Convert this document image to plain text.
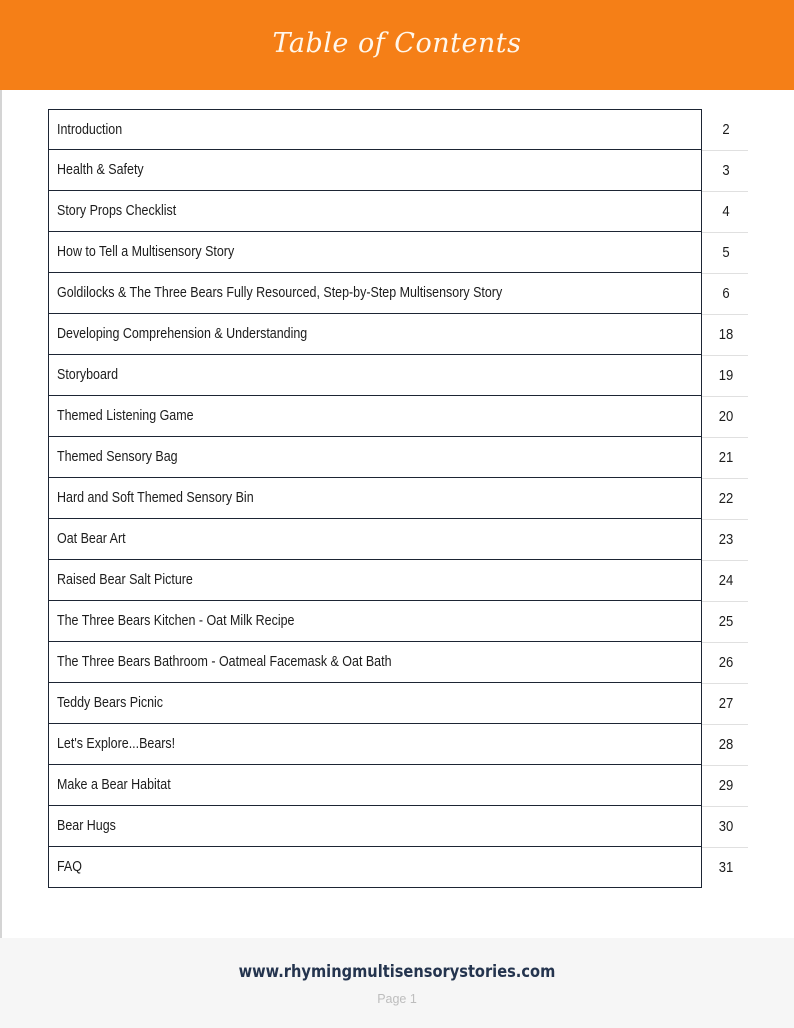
Table of Contents
Introduction	2
Health & Safety	3
Story Props Checklist	4
How to Tell a Multisensory Story	5
Goldilocks & The Three Bears Fully Resourced, Step-by-Step Multisensory Story	6
Developing Comprehension & Understanding	18
Storyboard	19
Themed Listening Game	20
Themed Sensory Bag	21
Hard and Soft Themed Sensory Bin	22
Oat Bear Art	23
Raised Bear Salt Picture	24
The Three Bears Kitchen - Oat Milk Recipe	25
The Three Bears Bathroom - Oatmeal Facemask & Oat Bath	26
Teddy Bears Picnic	27
Let's Explore...Bears!	28
Make a Bear Habitat	29
Bear Hugs	30
FAQ	31
www.rhymingmultisensorystories.com
Page 1
